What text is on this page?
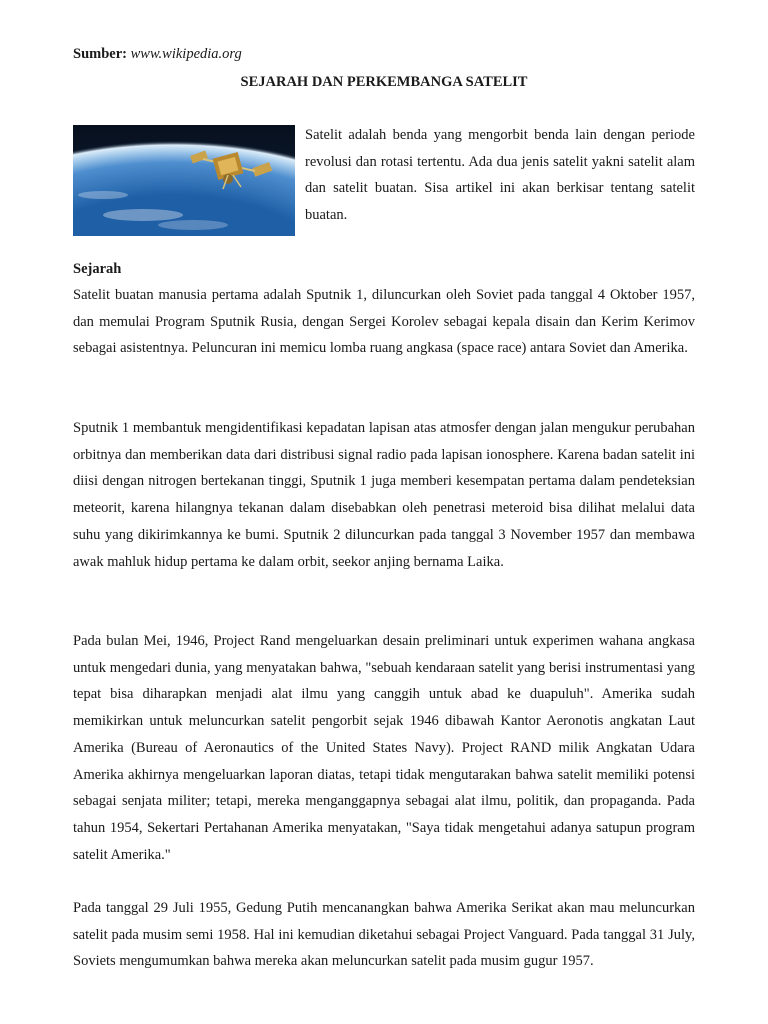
Sumber: www.wikipedia.org
SEJARAH DAN PERKEMBANGA SATELIT

Satelit adalah benda yang mengorbit benda lain dengan periode revolusi dan rotasi tertentu. Ada dua jenis satelit yakni satelit alam dan satelit buatan. Sisa artikel ini akan berkisar tentang satelit buatan.

Sejarah

Satelit buatan manusia pertama adalah Sputnik 1, diluncurkan oleh Soviet pada tanggal 4 Oktober 1957, dan memulai Program Sputnik Rusia, dengan Sergei Korolev sebagai kepala disain dan Kerim Kerimov sebagai asistentnya. Peluncuran ini memicu lomba ruang angkasa (space race) antara Soviet dan Amerika.

Sputnik 1 membantuk mengidentifikasi kepadatan lapisan atas atmosfer dengan jalan mengukur perubahan orbitnya dan memberikan data dari distribusi signal radio pada lapisan ionosphere. Karena badan satelit ini diisi dengan nitrogen bertekanan tinggi, Sputnik 1 juga memberi kesempatan pertama dalam pendeteksian meteorit, karena hilangnya tekanan dalam disebabkan oleh penetrasi meteroid bisa dilihat melalui data suhu yang dikirimkannya ke bumi. Sputnik 2 diluncurkan pada tanggal 3 November 1957 dan membawa awak mahluk hidup pertama ke dalam orbit, seekor anjing bernama Laika.

Pada bulan Mei, 1946, Project Rand mengeluarkan desain preliminari untuk experimen wahana angkasa untuk mengedari dunia, yang menyatakan bahwa, "sebuah kendaraan satelit yang berisi instrumentasi yang tepat bisa diharapkan menjadi alat ilmu yang canggih untuk abad ke duapuluh". Amerika sudah memikirkan untuk meluncurkan satelit pengorbit sejak 1946 dibawah Kantor Aeronotis angkatan Laut Amerika (Bureau of Aeronautics of the United States Navy). Project RAND milik Angkatan Udara Amerika akhirnya mengeluarkan laporan diatas, tetapi tidak mengutarakan bahwa satelit memiliki potensi sebagai senjata militer; tetapi, mereka menganggapnya sebagai alat ilmu, politik, dan propaganda. Pada tahun 1954, Sekertari Pertahanan Amerika menyatakan, "Saya tidak mengetahui adanya satupun program satelit Amerika."

Pada tanggal 29 Juli 1955, Gedung Putih mencanangkan bahwa Amerika Serikat akan mau meluncurkan satelit pada musim semi 1958. Hal ini kemudian diketahui sebagai Project Vanguard. Pada tanggal 31 July, Soviets mengumumkan bahwa mereka akan meluncurkan satelit pada musim gugur 1957.
